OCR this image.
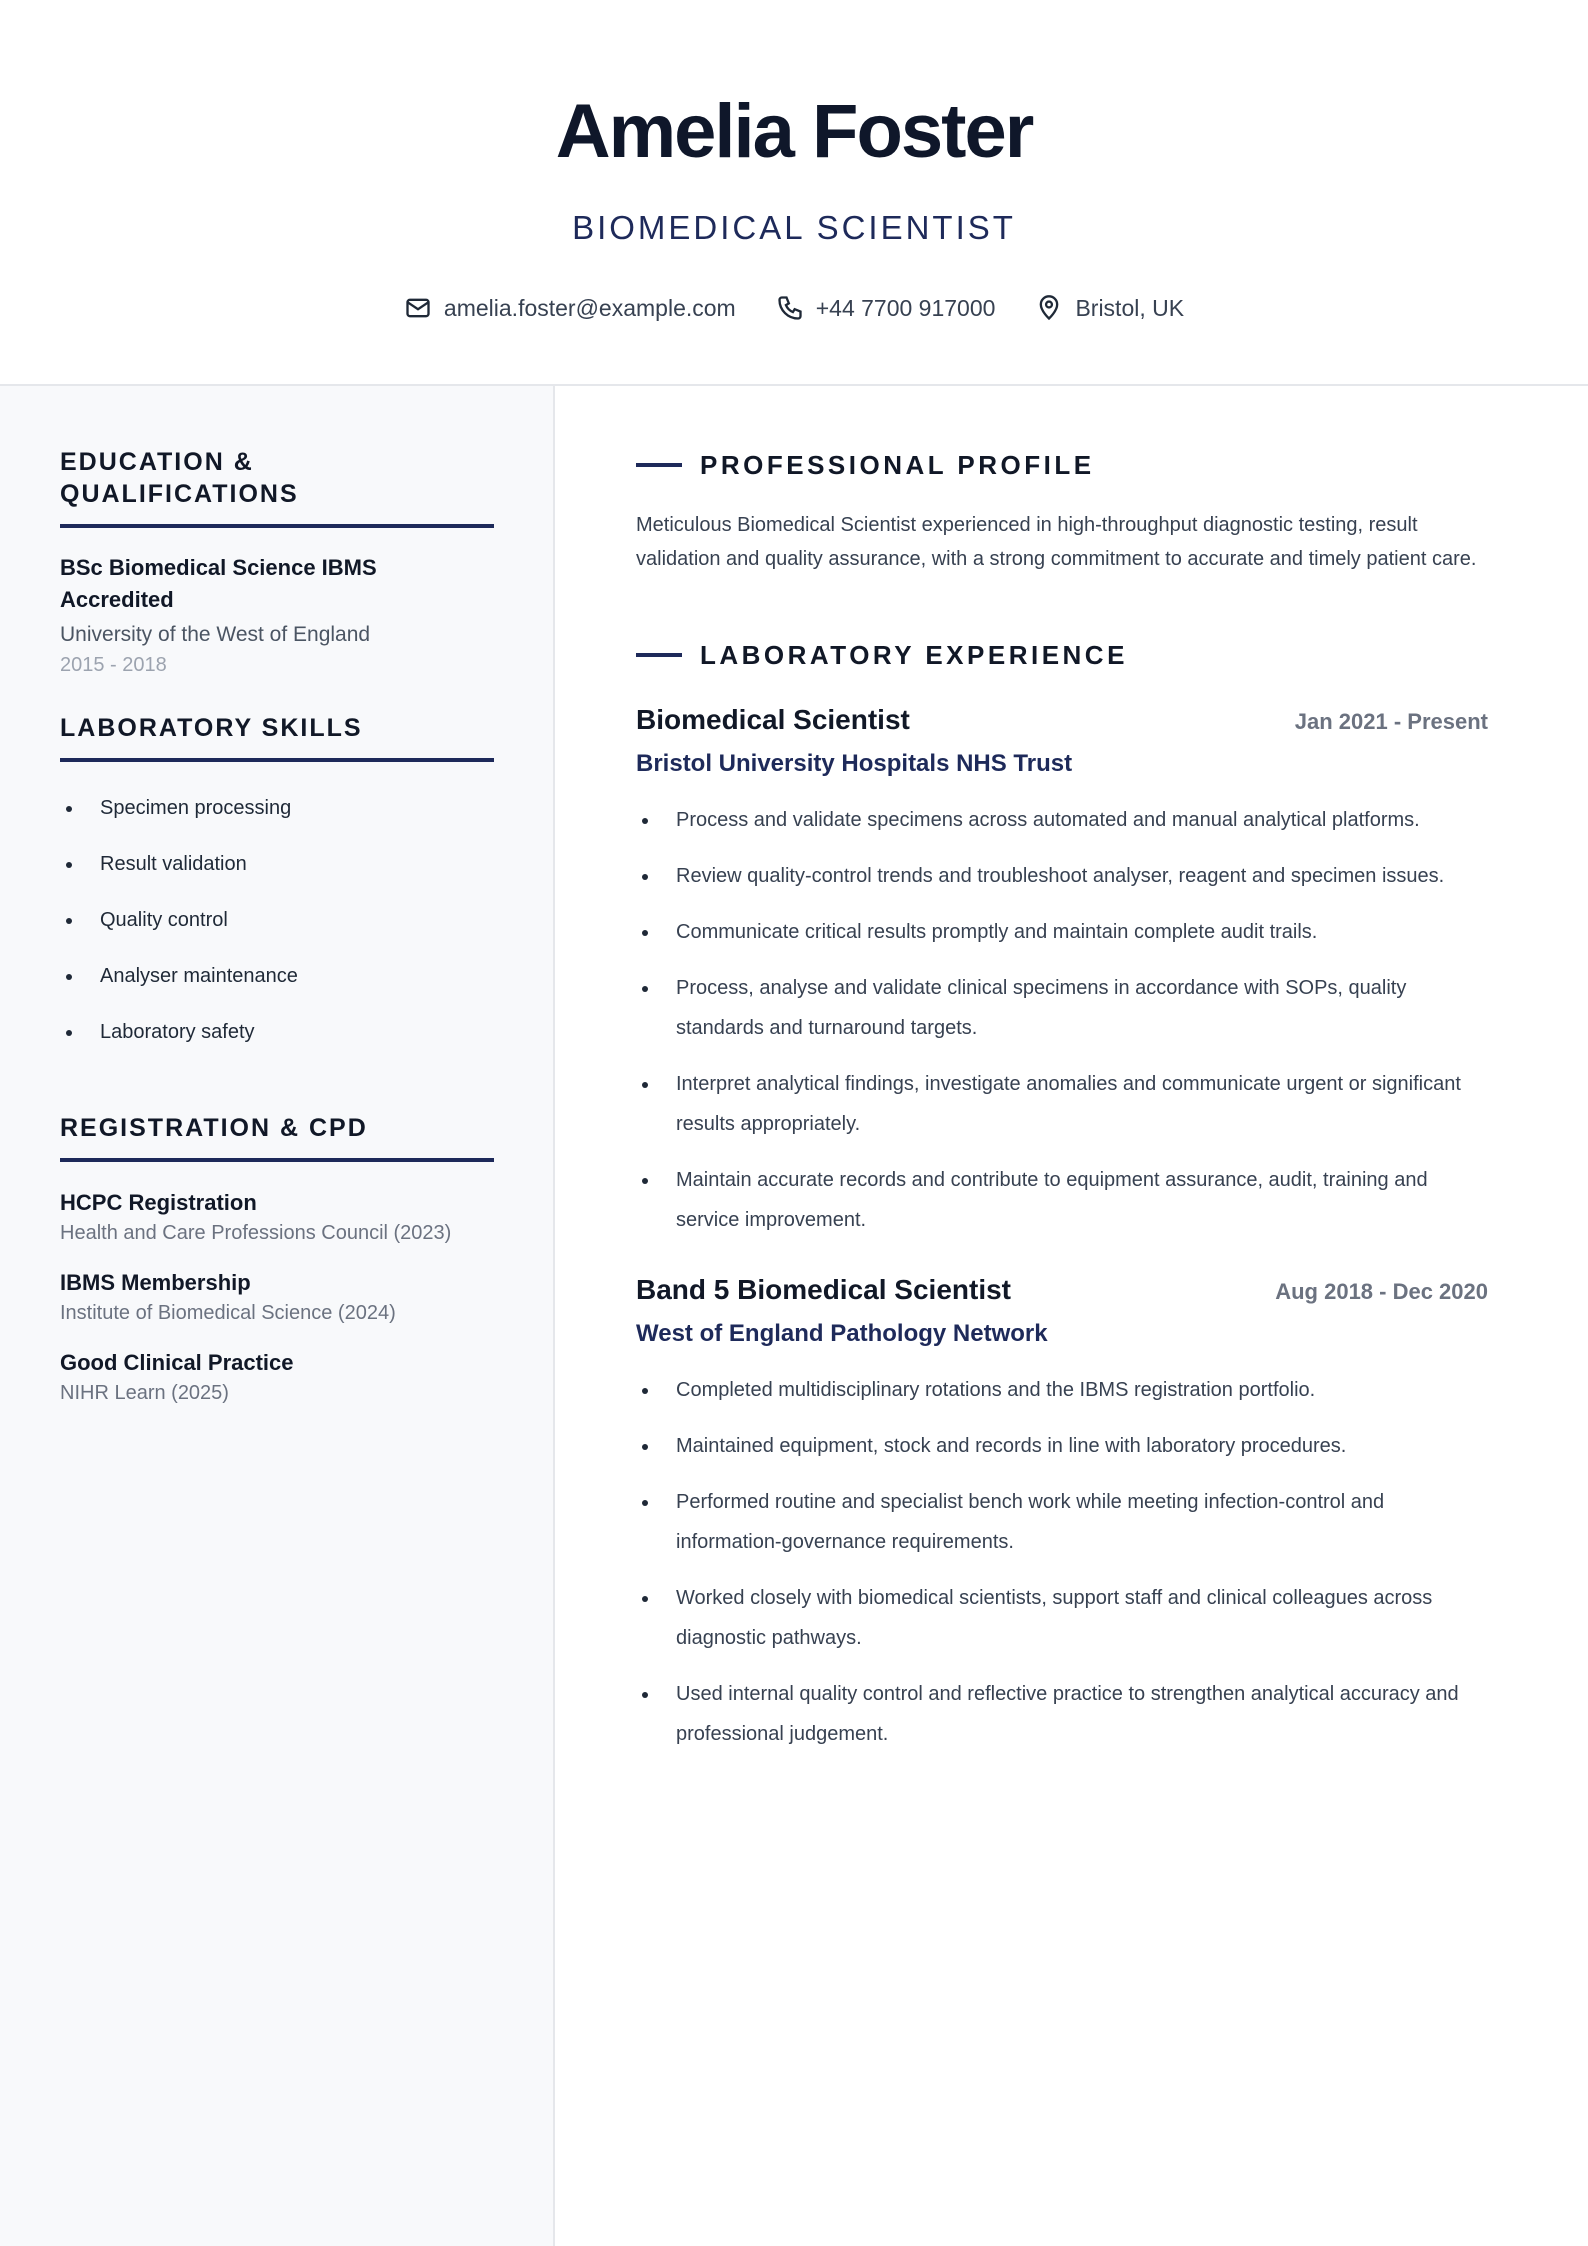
Amelia Foster
BIOMEDICAL SCIENTIST
amelia.foster@example.com	+44 7700 917000	Bristol, UK
EDUCATION & QUALIFICATIONS
BSc Biomedical Science IBMS Accredited
University of the West of England
2015 - 2018
LABORATORY SKILLS
Specimen processing
Result validation
Quality control
Analyser maintenance
Laboratory safety
REGISTRATION & CPD
HCPC Registration
Health and Care Professions Council (2023)
IBMS Membership
Institute of Biomedical Science (2024)
Good Clinical Practice
NIHR Learn (2025)
PROFESSIONAL PROFILE
Meticulous Biomedical Scientist experienced in high-throughput diagnostic testing, result validation and quality assurance, with a strong commitment to accurate and timely patient care.
LABORATORY EXPERIENCE
Biomedical Scientist	Jan 2021 - Present
Bristol University Hospitals NHS Trust
Process and validate specimens across automated and manual analytical platforms.
Review quality-control trends and troubleshoot analyser, reagent and specimen issues.
Communicate critical results promptly and maintain complete audit trails.
Process, analyse and validate clinical specimens in accordance with SOPs, quality standards and turnaround targets.
Interpret analytical findings, investigate anomalies and communicate urgent or significant results appropriately.
Maintain accurate records and contribute to equipment assurance, audit, training and service improvement.
Band 5 Biomedical Scientist	Aug 2018 - Dec 2020
West of England Pathology Network
Completed multidisciplinary rotations and the IBMS registration portfolio.
Maintained equipment, stock and records in line with laboratory procedures.
Performed routine and specialist bench work while meeting infection-control and information-governance requirements.
Worked closely with biomedical scientists, support staff and clinical colleagues across diagnostic pathways.
Used internal quality control and reflective practice to strengthen analytical accuracy and professional judgement.
